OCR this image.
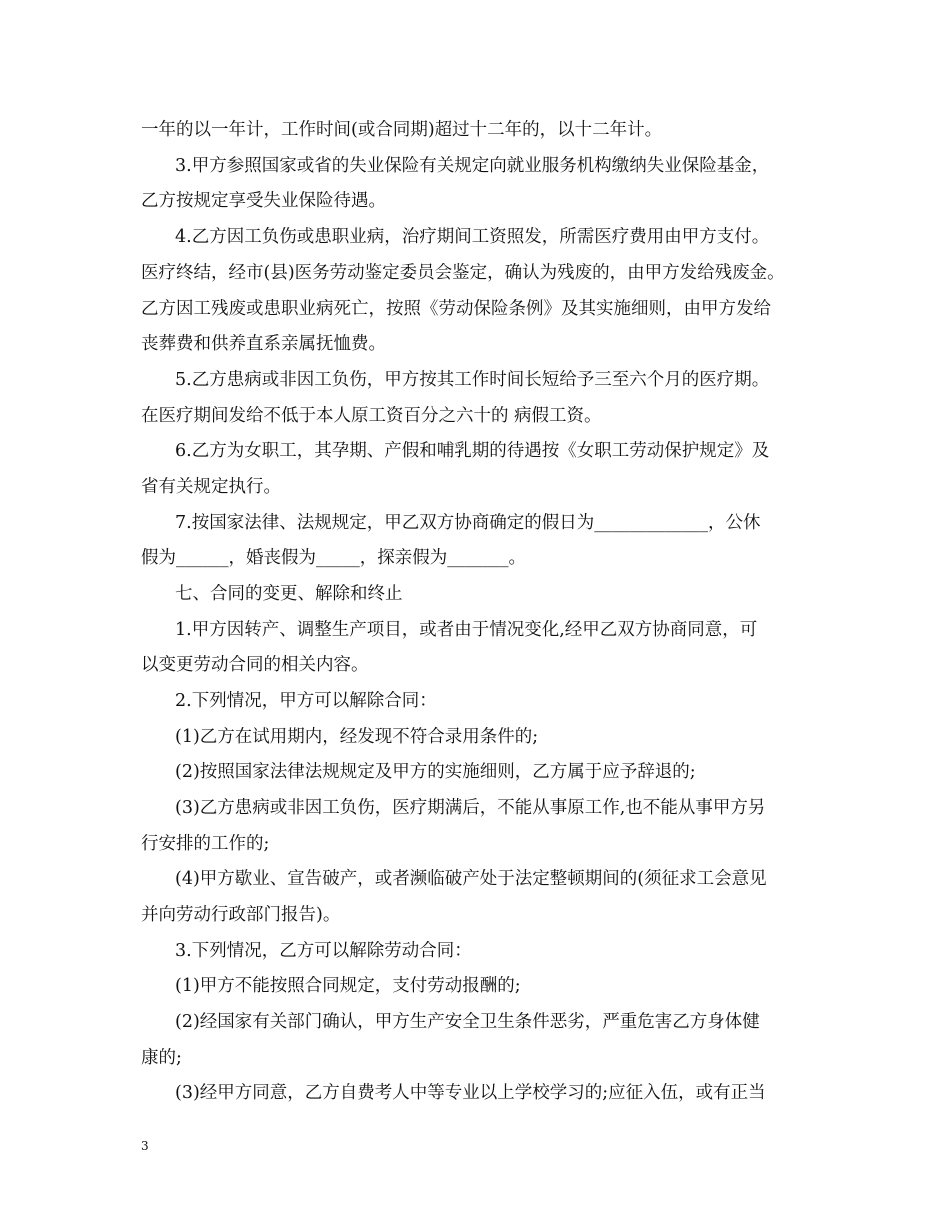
一年的以一年计，工作时间(或合同期)超过十二年的，以十二年计。
3.甲方参照国家或省的失业保险有关规定向就业服务机构缴纳失业保险基金，
乙方按规定享受失业保险待遇。
4.乙方因工负伤或患职业病，治疗期间工资照发，所需医疗费用由甲方支付。
医疗终结，经市(县)医务劳动鉴定委员会鉴定，确认为残废的，由甲方发给残废金。
乙方因工残废或患职业病死亡，按照《劳动保险条例》及其实施细则，由甲方发给
丧葬费和供养直系亲属抚恤费。
5.乙方患病或非因工负伤，甲方按其工作时间长短给予三至六个月的医疗期。
在医疗期间发给不低于本人原工资百分之六十的 病假工资。
6.乙方为女职工，其孕期、产假和哺乳期的待遇按《女职工劳动保护规定》及
省有关规定执行。
7.按国家法律、法规规定，甲乙双方协商确定的假日为_____________，公休
假为______，婚丧假为_____，探亲假为_______。
七、合同的变更、解除和终止
1.甲方因转产、调整生产项目，或者由于情况变化,经甲乙双方协商同意，可
以变更劳动合同的相关内容。
2.下列情况，甲方可以解除合同：
(1)乙方在试用期内，经发现不符合录用条件的;
(2)按照国家法律法规规定及甲方的实施细则，乙方属于应予辞退的;
(3)乙方患病或非因工负伤，医疗期满后，不能从事原工作,也不能从事甲方另
行安排的工作的;
(4)甲方歇业、宣告破产，或者濒临破产处于法定整顿期间的(须征求工会意见
并向劳动行政部门报告)。
3.下列情况，乙方可以解除劳动合同：
(1)甲方不能按照合同规定，支付劳动报酬的;
(2)经国家有关部门确认，甲方生产安全卫生条件恶劣，严重危害乙方身体健
康的;
(3)经甲方同意，乙方自费考人中等专业以上学校学习的;应征入伍，或有正当
3
